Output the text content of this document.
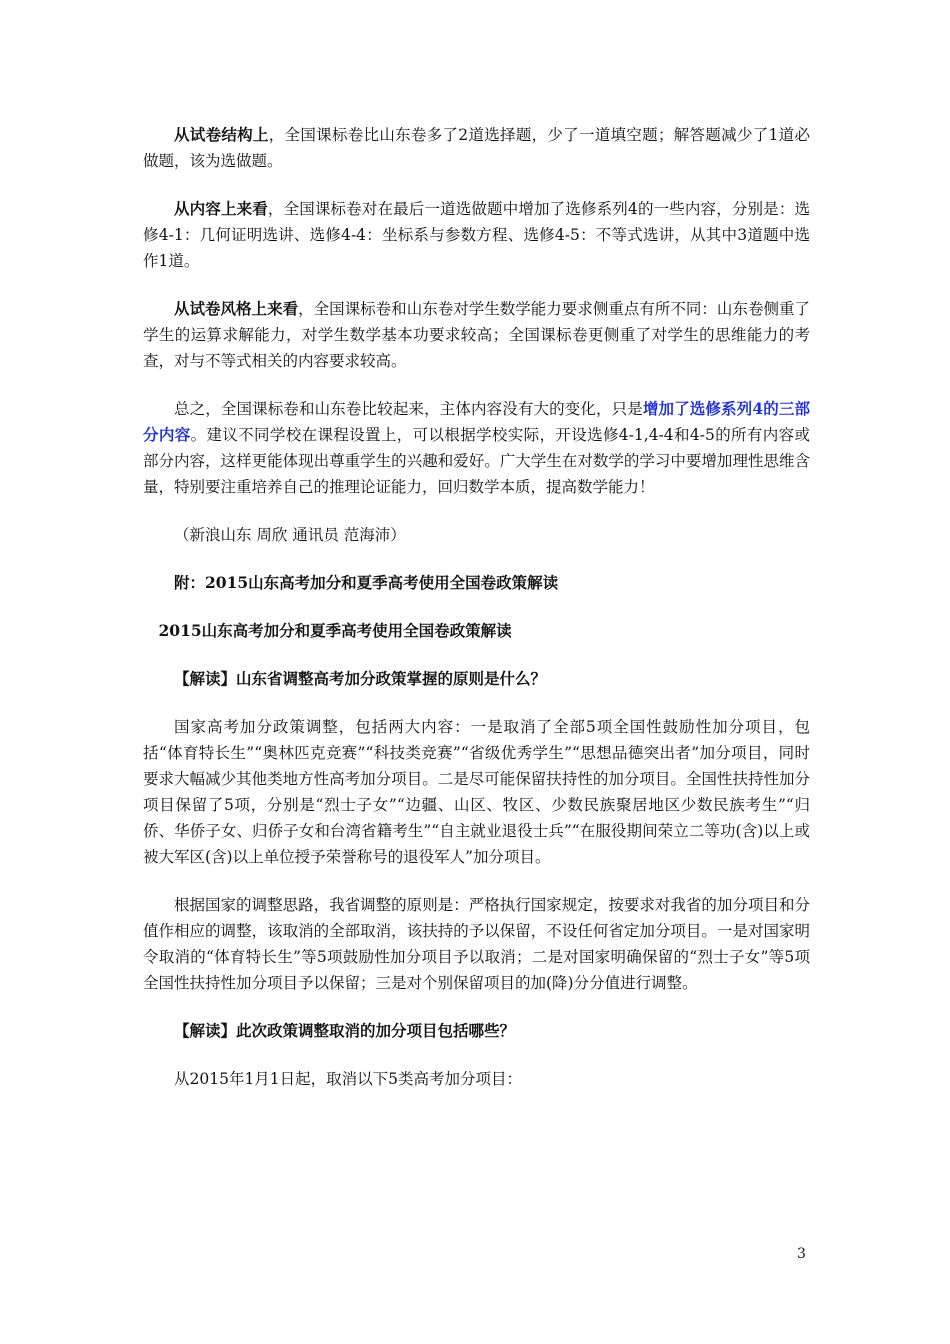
从试卷结构上，全国课标卷比山东卷多了2道选择题，少了一道填空题；解答题减少了1道必做题，该为选做题。

从内容上来看，全国课标卷对在最后一道选做题中增加了选修系列4的一些内容，分别是：选修4-1：几何证明选讲、选修4-4：坐标系与参数方程、选修4-5：不等式选讲，从其中3道题中选作1道。

从试卷风格上来看，全国课标卷和山东卷对学生数学能力要求侧重点有所不同：山东卷侧重了学生的运算求解能力，对学生数学基本功要求较高；全国课标卷更侧重了对学生的思维能力的考查，对与不等式相关的内容要求较高。

总之，全国课标卷和山东卷比较起来，主体内容没有大的变化，只是增加了选修系列4的三部分内容。建议不同学校在课程设置上，可以根据学校实际，开设选修4-1,4-4和4-5的所有内容或部分内容，这样更能体现出尊重学生的兴趣和爱好。广大学生在对数学的学习中要增加理性思维含量，特别要注重培养自己的推理论证能力，回归数学本质，提高数学能力！

（新浪山东 周欣 通讯员 范海沛）

附：2015山东高考加分和夏季高考使用全国卷政策解读

2015山东高考加分和夏季高考使用全国卷政策解读

【解读】山东省调整高考加分政策掌握的原则是什么？

国家高考加分政策调整，包括两大内容：一是取消了全部5项全国性鼓励性加分项目，包括“体育特长生”“奥林匹克竞赛”“科技类竞赛”“省级优秀学生”“思想品德突出者”加分项目，同时要求大幅减少其他类地方性高考加分项目。二是尽可能保留扶持性的加分项目。全国性扶持性加分项目保留了5项，分别是“烈士子女”“边疆、山区、牧区、少数民族聚居地区少数民族考生”“归侨、华侨子女、归侨子女和台湾省籍考生”“自主就业退役士兵”“在服役期间荣立二等功(含)以上或被大军区(含)以上单位授予荣誉称号的退役军人”加分项目。

根据国家的调整思路，我省调整的原则是：严格执行国家规定，按要求对我省的加分项目和分值作相应的调整，该取消的全部取消，该扶持的予以保留，不设任何省定加分项目。一是对国家明令取消的“体育特长生”等5项鼓励性加分项目予以取消；二是对国家明确保留的“烈士子女”等5项全国性扶持性加分项目予以保留；三是对个别保留项目的加(降)分分值进行调整。

【解读】此次政策调整取消的加分项目包括哪些？

从2015年1月1日起，取消以下5类高考加分项目：

3
